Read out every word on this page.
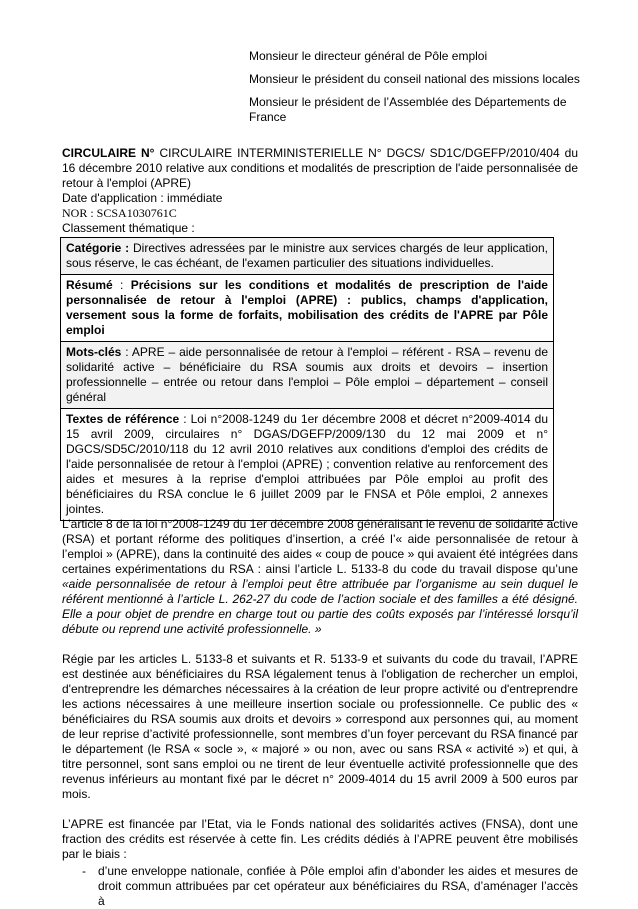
Monsieur le directeur général de Pôle emploi

Monsieur le président du conseil national des missions locales

Monsieur le président de l’Assemblée des Départements de France

CIRCULAIRE N° CIRCULAIRE INTERMINISTERIELLE N° DGCS/ SD1C/DGEFP/2010/404 du 16 décembre 2010 relative aux conditions et modalités de prescription de l'aide personnalisée de retour à l'emploi (APRE)

Date d'application : immédiate

NOR : SCSA1030761C

Classement thématique :

Catégorie : Directives adressées par le ministre aux services chargés de leur application, sous réserve, le cas échéant, de l'examen particulier des situations individuelles.
Résumé : Précisions sur les conditions et modalités de prescription de l'aide personnalisée de retour à l'emploi (APRE) : publics, champs d'application, versement sous la forme de forfaits, mobilisation des crédits de l'APRE par Pôle emploi
Mots-clés : APRE – aide personnalisée de retour à l'emploi – référent - RSA – revenu de solidarité active – bénéficiaire du RSA soumis aux droits et devoirs – insertion professionnelle – entrée ou retour dans l'emploi – Pôle emploi – département – conseil général
Textes de référence : Loi n°2008-1249 du 1er décembre 2008 et décret n°2009-4014 du 15 avril 2009, circulaires n° DGAS/DGEFP/2009/130 du 12 mai 2009 et n° DGCS/SD5C/2010/118 du 12 avril 2010 relatives aux conditions d'emploi des crédits de l'aide personnalisée de retour à l'emploi (APRE) ; convention relative au renforcement des aides et mesures à la reprise d'emploi attribuées par Pôle emploi au profit des bénéficiaires du RSA conclue le 6 juillet 2009 par le FNSA et Pôle emploi, 2 annexes jointes.

L’article 8 de la loi n°2008-1249 du 1er décembre 2008 généralisant le revenu de solidarité active (RSA) et portant réforme des politiques d’insertion, a créé l’« aide personnalisée de retour à l’emploi » (APRE), dans la continuité des aides « coup de pouce » qui avaient été intégrées dans certaines expérimentations du RSA : ainsi l’article L. 5133-8 du code du travail dispose qu’une «aide personnalisée de retour à l’emploi peut être attribuée par l’organisme au sein duquel le référent mentionné à l’article L. 262-27 du code de l’action sociale et des familles a été désigné. Elle a pour objet de prendre en charge tout ou partie des coûts exposés par l’intéressé lorsqu’il débute ou reprend une activité professionnelle. »

Régie par les articles L. 5133-8 et suivants et R. 5133-9 et suivants du code du travail, l’APRE est destinée aux bénéficiaires du RSA légalement tenus à l'obligation de rechercher un emploi, d'entreprendre les démarches nécessaires à la création de leur propre activité ou d'entreprendre les actions nécessaires à une meilleure insertion sociale ou professionnelle. Ce public des « bénéficiaires du RSA soumis aux droits et devoirs » correspond aux personnes qui, au moment de leur reprise d’activité professionnelle, sont membres d’un foyer percevant du RSA financé par le département (le RSA « socle », « majoré » ou non, avec ou sans RSA « activité ») et qui, à titre personnel, sont sans emploi ou ne tirent de leur éventuelle activité professionnelle que des revenus inférieurs au montant fixé par le décret n° 2009-4014 du 15 avril 2009 à 500 euros par mois.

L’APRE est financée par l’Etat, via le Fonds national des solidarités actives (FNSA), dont une fraction des crédits est réservée à cette fin. Les crédits dédiés à l’APRE peuvent être mobilisés par le biais :

- d’une enveloppe nationale, confiée à Pôle emploi afin d’abonder les aides et mesures de droit commun attribuées par cet opérateur aux bénéficiaires du RSA, d’aménager l’accès à
